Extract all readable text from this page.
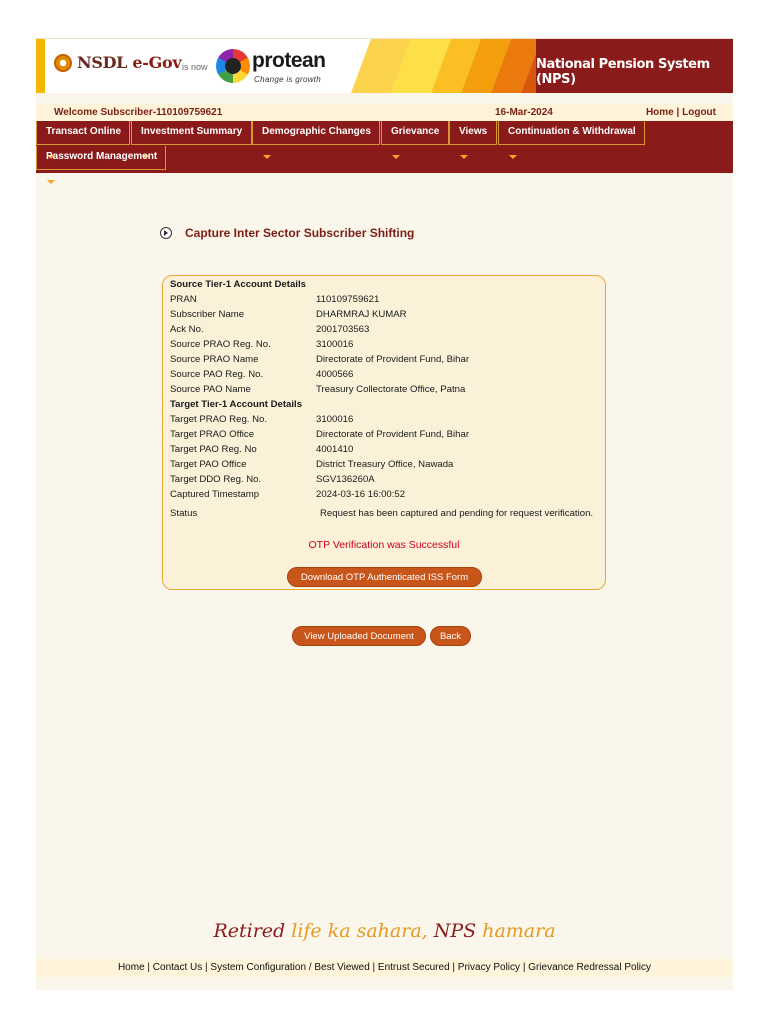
NSDL e-Gov is now protean
Change is growth
National Pension System (NPS)
Welcome Subscriber-110109759621	16-Mar-2024	Home | Logout
Transact Online	Investment Summary	Demographic Changes	Grievance	Views	Continuation & Withdrawal
Password Management
Capture Inter Sector Subscriber Shifting
Source Tier-1 Account Details
PRAN	110109759621
Subscriber Name	DHARMRAJ KUMAR
Ack No.	2001703563
Source PRAO Reg. No.	3100016
Source PRAO Name	Directorate of Provident Fund, Bihar
Source PAO Reg. No.	4000566
Source PAO Name	Treasury Collectorate Office, Patna
Target Tier-1 Account Details
Target PRAO Reg. No.	3100016
Target PRAO Office	Directorate of Provident Fund, Bihar
Target PAO Reg. No	4001410
Target PAO Office	District Treasury Office, Nawada
Target DDO Reg. No.	SGV136260A
Captured Timestamp	2024-03-16 16:00:52
Status	Request has been captured and pending for request verification.
OTP Verification was Successful
Download OTP Authenticated ISS Form
View Uploaded Document	Back
Retired life ka sahara, NPS hamara
Home | Contact Us | System Configuration / Best Viewed | Entrust Secured | Privacy Policy | Grievance Redressal Policy
